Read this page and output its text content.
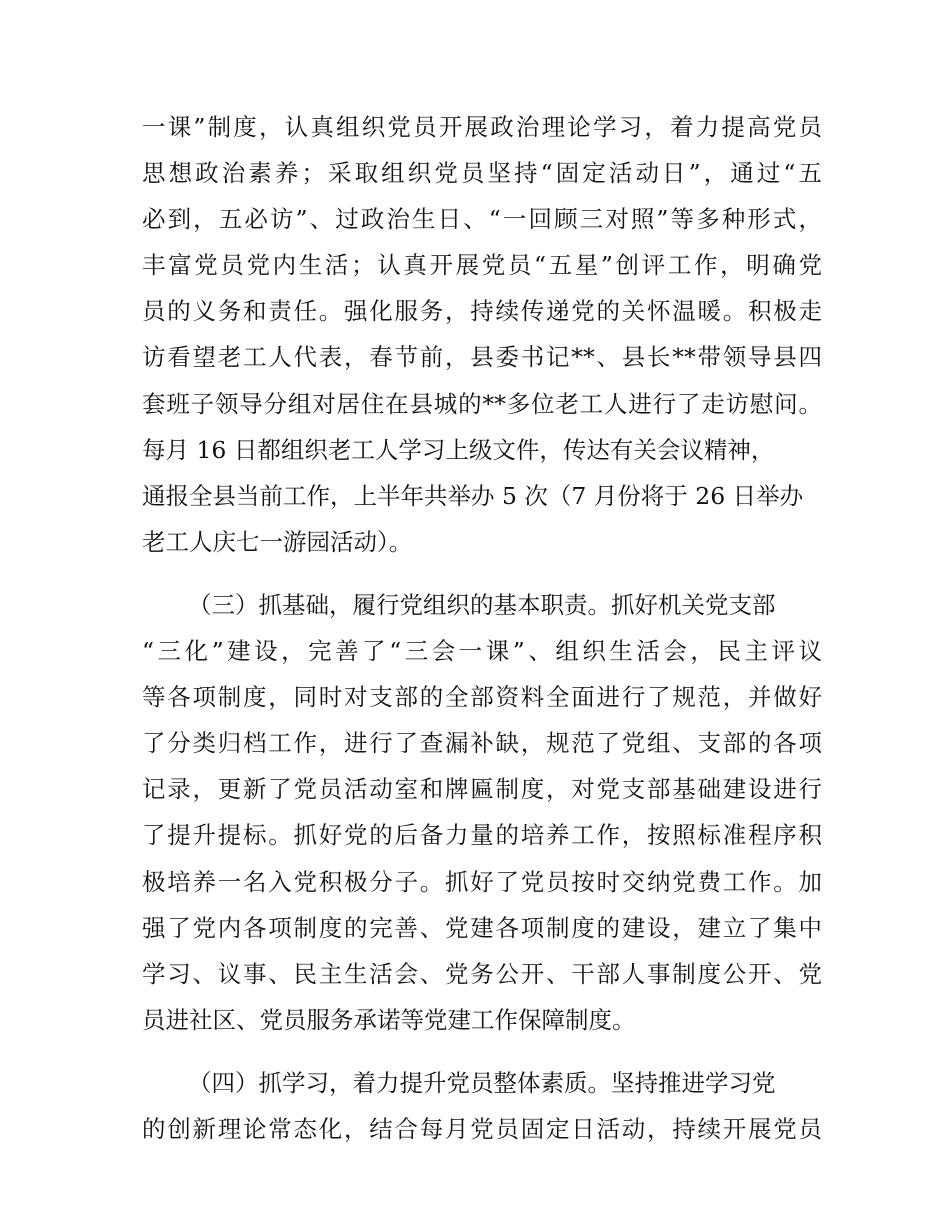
一课”制度，认真组织党员开展政治理论学习，着力提高党员
思想政治素养；采取组织党员坚持“固定活动日”，通过“五
必到，五必访”、过政治生日、“一回顾三对照”等多种形式，
丰富党员党内生活；认真开展党员“五星”创评工作，明确党
员的义务和责任。强化服务，持续传递党的关怀温暖。积极走
访看望老工人代表，春节前，县委书记**、县长**带领导县四
套班子领导分组对居住在县城的**多位老工人进行了走访慰问。
每月 16 日都组织老工人学习上级文件，传达有关会议精神，
通报全县当前工作，上半年共举办 5 次（7 月份将于 26 日举办
老工人庆七一游园活动）。
（三）抓基础，履行党组织的基本职责。抓好机关党支部
“三化”建设，完善了“三会一课”、组织生活会，民主评议
等各项制度，同时对支部的全部资料全面进行了规范，并做好
了分类归档工作，进行了查漏补缺，规范了党组、支部的各项
记录，更新了党员活动室和牌匾制度，对党支部基础建设进行
了提升提标。抓好党的后备力量的培养工作，按照标准程序积
极培养一名入党积极分子。抓好了党员按时交纳党费工作。加
强了党内各项制度的完善、党建各项制度的建设，建立了集中
学习、议事、民主生活会、党务公开、干部人事制度公开、党
员进社区、党员服务承诺等党建工作保障制度。
（四）抓学习，着力提升党员整体素质。坚持推进学习党
的创新理论常态化，结合每月党员固定日活动，持续开展党员
